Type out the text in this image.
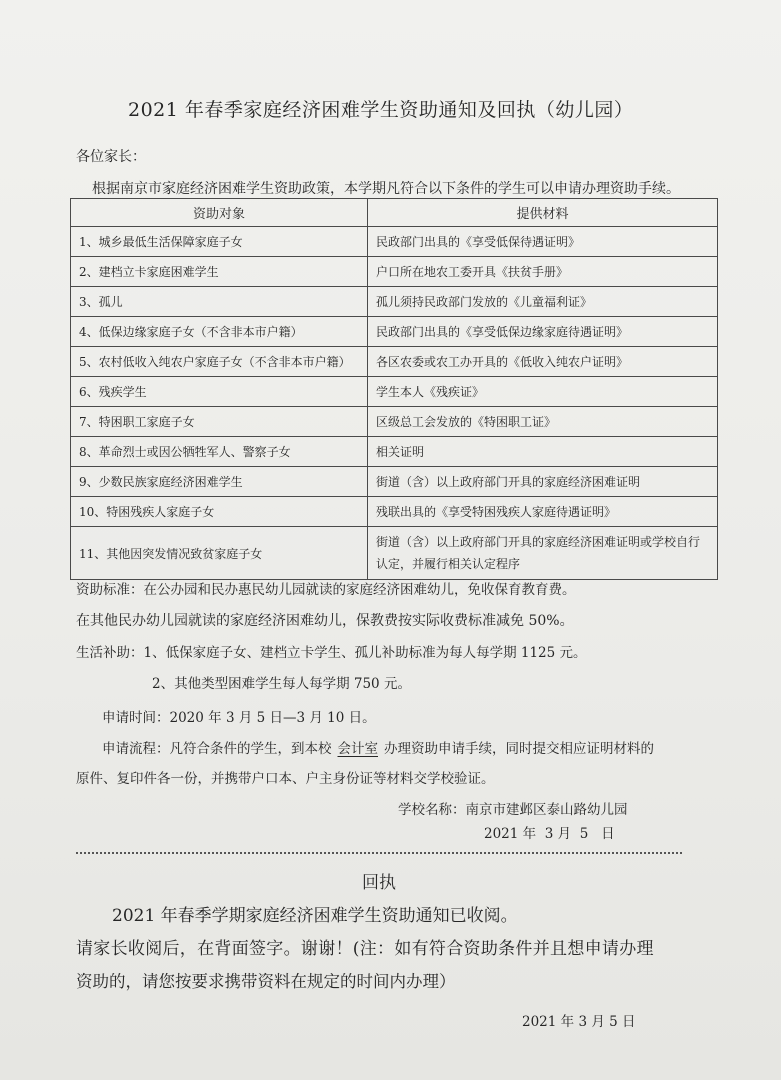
2021 年春季家庭经济困难学生资助通知及回执（幼儿园）
各位家长：
根据南京市家庭经济困难学生资助政策，本学期凡符合以下条件的学生可以申请办理资助手续。
资助对象	提供材料
1、城乡最低生活保障家庭子女	民政部门出具的《享受低保待遇证明》
2、建档立卡家庭困难学生	户口所在地农工委开具《扶贫手册》
3、孤儿	孤儿须持民政部门发放的《儿童福利证》
4、低保边缘家庭子女（不含非本市户籍）	民政部门出具的《享受低保边缘家庭待遇证明》
5、农村低收入纯农户家庭子女（不含非本市户籍）	各区农委或农工办开具的《低收入纯农户证明》
6、残疾学生	学生本人《残疾证》
7、特困职工家庭子女	区级总工会发放的《特困职工证》
8、革命烈士或因公牺牲军人、警察子女	相关证明
9、少数民族家庭经济困难学生	街道（含）以上政府部门开具的家庭经济困难证明
10、特困残疾人家庭子女	残联出具的《享受特困残疾人家庭待遇证明》
11、其他因突发情况致贫家庭子女	街道（含）以上政府部门开具的家庭经济困难证明或学校自行
认定，并履行相关认定程序
资助标准：在公办园和民办惠民幼儿园就读的家庭经济困难幼儿，免收保育教育费。
在其他民办幼儿园就读的家庭经济困难幼儿，保教费按实际收费标准减免 50%。
生活补助：1、低保家庭子女、建档立卡学生、孤儿补助标准为每人每学期 1125 元。
2、其他类型困难学生每人每学期 750 元。
申请时间：2020 年 3 月 5 日—3 月 10 日。
申请流程：凡符合条件的学生，到本校 会计室 办理资助申请手续，同时提交相应证明材料的
原件、复印件各一份，并携带户口本、户主身份证等材料交学校验证。
学校名称：南京市建邺区泰山路幼儿园
2021 年  3 月  5   日
回执
2021 年春季学期家庭经济困难学生资助通知已收阅。
请家长收阅后，在背面签字。谢谢！(注：如有符合资助条件并且想申请办理
资助的，请您按要求携带资料在规定的时间内办理）
2021 年 3 月 5 日
